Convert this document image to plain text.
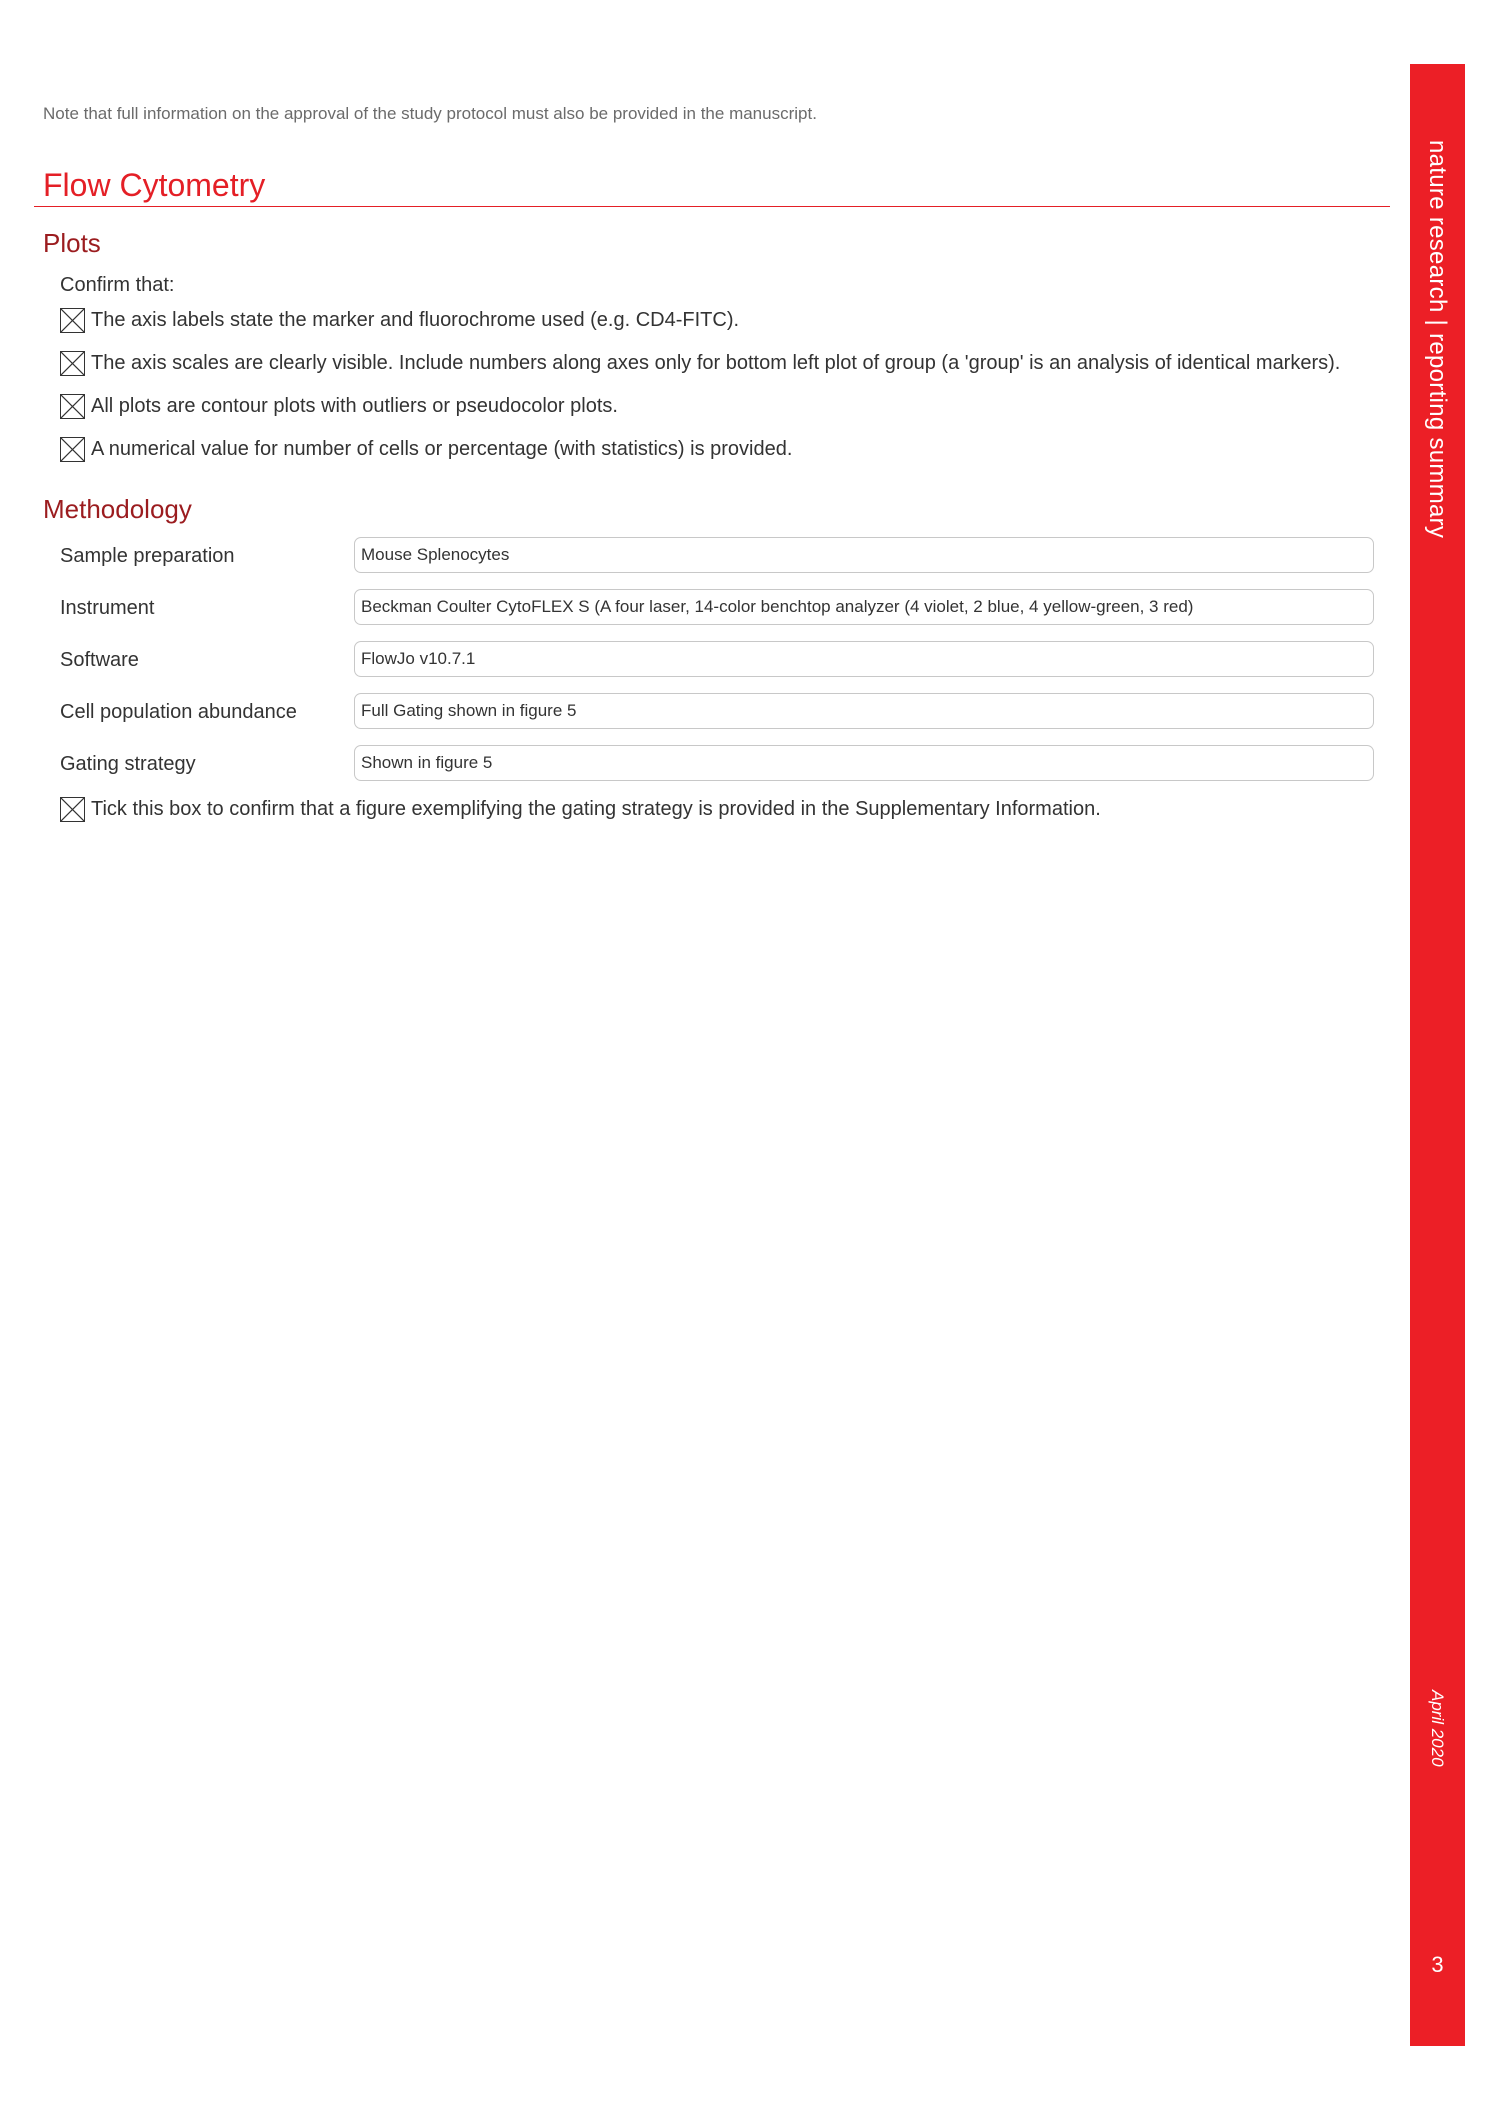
Note that full information on the approval of the study protocol must also be provided in the manuscript.
Flow Cytometry
Plots
Confirm that:
The axis labels state the marker and fluorochrome used (e.g. CD4-FITC).
The axis scales are clearly visible. Include numbers along axes only for bottom left plot of group (a 'group' is an analysis of identical markers).
All plots are contour plots with outliers or pseudocolor plots.
A numerical value for number of cells or percentage (with statistics) is provided.
Methodology
Sample preparation	Mouse Splenocytes
Instrument	Beckman Coulter CytoFLEX S (A four laser, 14-color benchtop analyzer (4 violet, 2 blue, 4 yellow-green, 3 red)
Software	FlowJo v10.7.1
Cell population abundance	Full Gating shown in figure 5
Gating strategy	Shown in figure 5
Tick this box to confirm that a figure exemplifying the gating strategy is provided in the Supplementary Information.
nature research | reporting summary
April 2020
3
